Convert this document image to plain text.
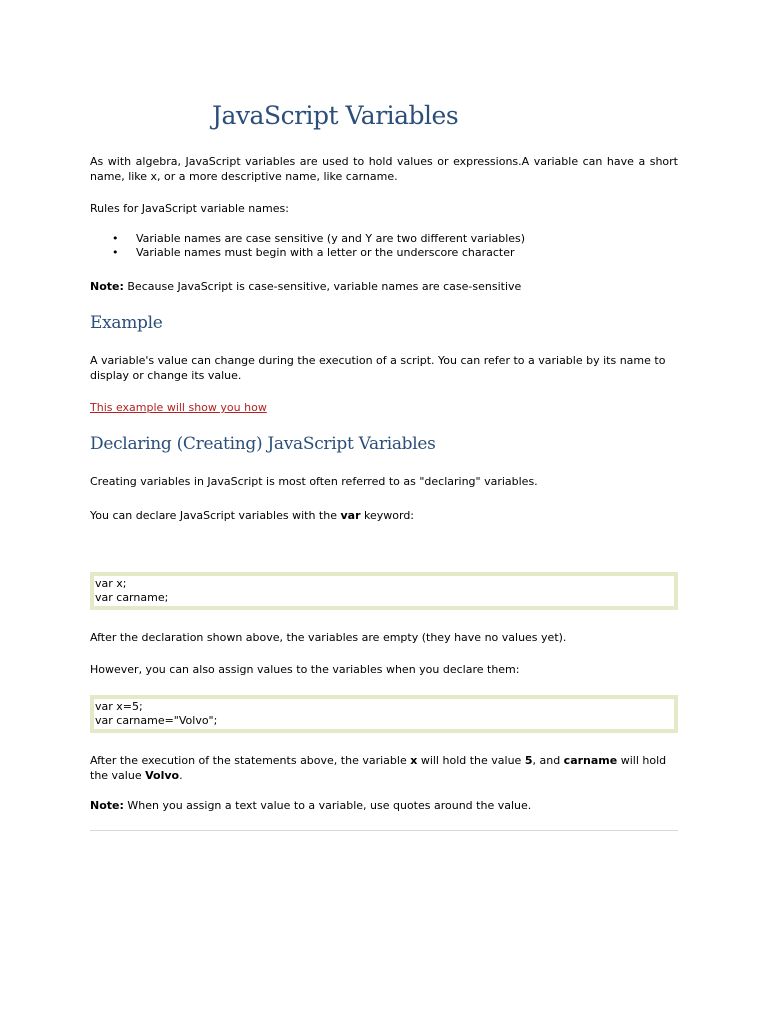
JavaScript Variables

As with algebra, JavaScript variables are used to hold values or expressions.A variable can have a short name, like x, or a more descriptive name, like carname.

Rules for JavaScript variable names:

• Variable names are case sensitive (y and Y are two different variables)
• Variable names must begin with a letter or the underscore character

Note: Because JavaScript is case-sensitive, variable names are case-sensitive

Example

A variable's value can change during the execution of a script. You can refer to a variable by its name to display or change its value.

This example will show you how

Declaring (Creating) JavaScript Variables

Creating variables in JavaScript is most often referred to as "declaring" variables.

You can declare JavaScript variables with the var keyword:

var x;
var carname;

After the declaration shown above, the variables are empty (they have no values yet).

However, you can also assign values to the variables when you declare them:

var x=5;
var carname="Volvo";

After the execution of the statements above, the variable x will hold the value 5, and carname will hold the value Volvo.

Note: When you assign a text value to a variable, use quotes around the value.
